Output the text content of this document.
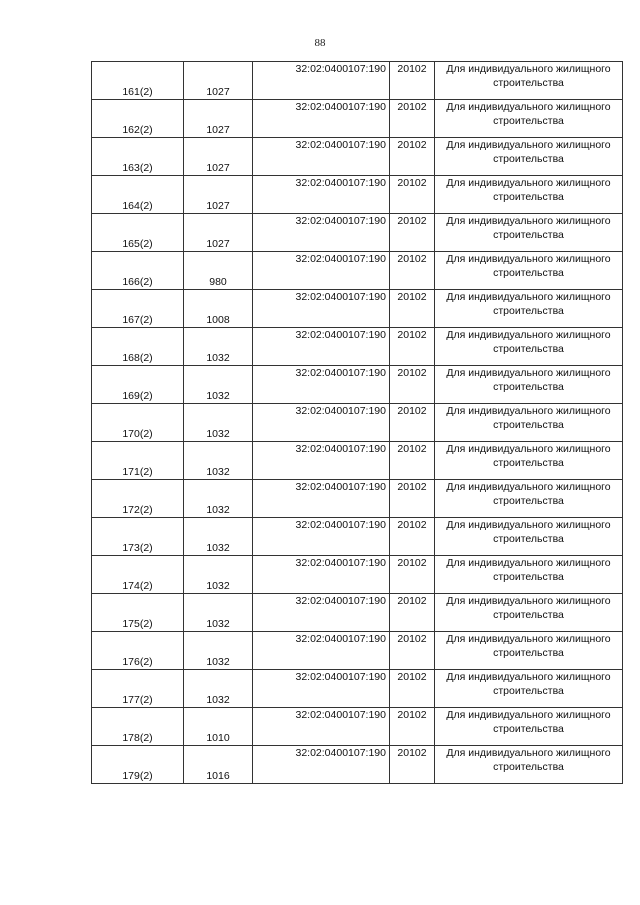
88
161(2)	1027	32:02:0400107:190	20102	Для индивидуального жилищного строительства
162(2)	1027	32:02:0400107:190	20102	Для индивидуального жилищного строительства
163(2)	1027	32:02:0400107:190	20102	Для индивидуального жилищного строительства
164(2)	1027	32:02:0400107:190	20102	Для индивидуального жилищного строительства
165(2)	1027	32:02:0400107:190	20102	Для индивидуального жилищного строительства
166(2)	980	32:02:0400107:190	20102	Для индивидуального жилищного строительства
167(2)	1008	32:02:0400107:190	20102	Для индивидуального жилищного строительства
168(2)	1032	32:02:0400107:190	20102	Для индивидуального жилищного строительства
169(2)	1032	32:02:0400107:190	20102	Для индивидуального жилищного строительства
170(2)	1032	32:02:0400107:190	20102	Для индивидуального жилищного строительства
171(2)	1032	32:02:0400107:190	20102	Для индивидуального жилищного строительства
172(2)	1032	32:02:0400107:190	20102	Для индивидуального жилищного строительства
173(2)	1032	32:02:0400107:190	20102	Для индивидуального жилищного строительства
174(2)	1032	32:02:0400107:190	20102	Для индивидуального жилищного строительства
175(2)	1032	32:02:0400107:190	20102	Для индивидуального жилищного строительства
176(2)	1032	32:02:0400107:190	20102	Для индивидуального жилищного строительства
177(2)	1032	32:02:0400107:190	20102	Для индивидуального жилищного строительства
178(2)	1010	32:02:0400107:190	20102	Для индивидуального жилищного строительства
179(2)	1016	32:02:0400107:190	20102	Для индивидуального жилищного строительства
